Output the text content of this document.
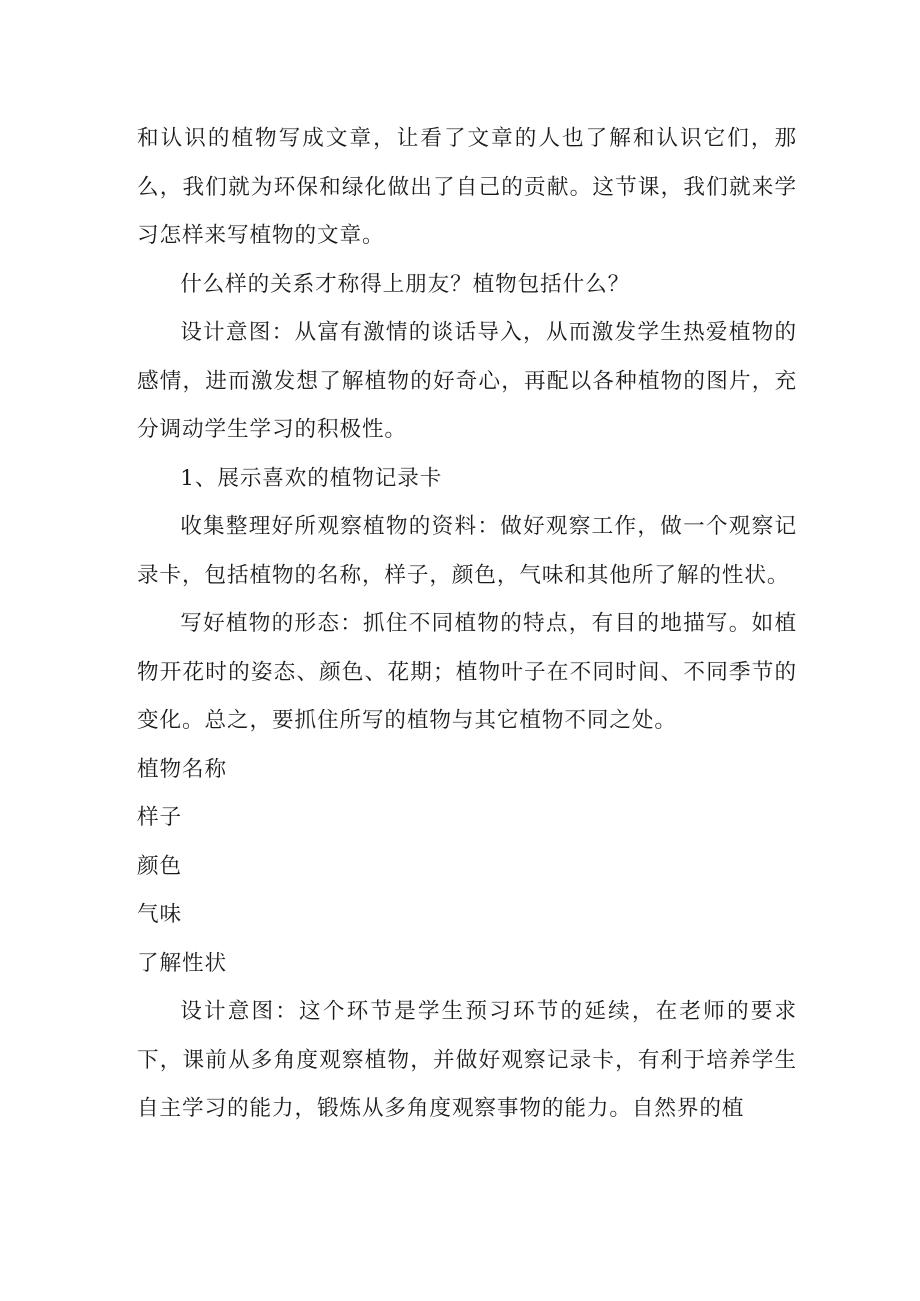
和认识的植物写成文章，让看了文章的人也了解和认识它们，那么，我们就为环保和绿化做出了自己的贡献。这节课，我们就来学习怎样来写植物的文章。

什么样的关系才称得上朋友？植物包括什么？

设计意图：从富有激情的谈话导入，从而激发学生热爱植物的感情，进而激发想了解植物的好奇心，再配以各种植物的图片，充分调动学生学习的积极性。

1、展示喜欢的植物记录卡

收集整理好所观察植物的资料：做好观察工作，做一个观察记录卡，包括植物的名称，样子，颜色，气味和其他所了解的性状。

写好植物的形态：抓住不同植物的特点，有目的地描写。如植物开花时的姿态、颜色、花期；植物叶子在不同时间、不同季节的变化。总之，要抓住所写的植物与其它植物不同之处。

植物名称

样子

颜色

气味

了解性状

设计意图：这个环节是学生预习环节的延续，在老师的要求下，课前从多角度观察植物，并做好观察记录卡，有利于培养学生自主学习的能力，锻炼从多角度观察事物的能力。自然界的植
